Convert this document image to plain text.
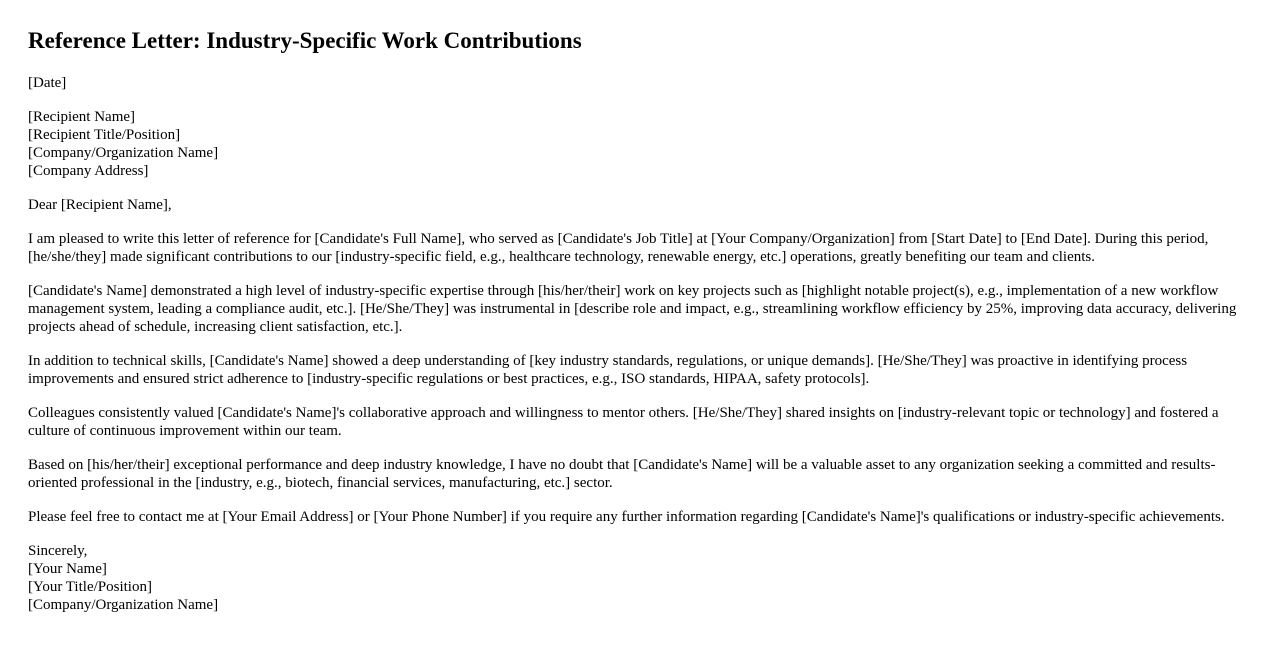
Reference Letter: Industry-Specific Work Contributions

[Date]

[Recipient Name]
[Recipient Title/Position]
[Company/Organization Name]
[Company Address]

Dear [Recipient Name],

I am pleased to write this letter of reference for [Candidate's Full Name], who served as [Candidate's Job Title] at [Your Company/Organization] from [Start Date] to [End Date]. During this period, [he/she/they] made significant contributions to our [industry-specific field, e.g., healthcare technology, renewable energy, etc.] operations, greatly benefiting our team and clients.

[Candidate's Name] demonstrated a high level of industry-specific expertise through [his/her/their] work on key projects such as [highlight notable project(s), e.g., implementation of a new workflow management system, leading a compliance audit, etc.]. [He/She/They] was instrumental in [describe role and impact, e.g., streamlining workflow efficiency by 25%, improving data accuracy, delivering projects ahead of schedule, increasing client satisfaction, etc.].

In addition to technical skills, [Candidate's Name] showed a deep understanding of [key industry standards, regulations, or unique demands]. [He/She/They] was proactive in identifying process improvements and ensured strict adherence to [industry-specific regulations or best practices, e.g., ISO standards, HIPAA, safety protocols].

Colleagues consistently valued [Candidate's Name]'s collaborative approach and willingness to mentor others. [He/She/They] shared insights on [industry-relevant topic or technology] and fostered a culture of continuous improvement within our team.

Based on [his/her/their] exceptional performance and deep industry knowledge, I have no doubt that [Candidate's Name] will be a valuable asset to any organization seeking a committed and results-oriented professional in the [industry, e.g., biotech, financial services, manufacturing, etc.] sector.

Please feel free to contact me at [Your Email Address] or [Your Phone Number] if you require any further information regarding [Candidate's Name]'s qualifications or industry-specific achievements.

Sincerely,
[Your Name]
[Your Title/Position]
[Company/Organization Name]
